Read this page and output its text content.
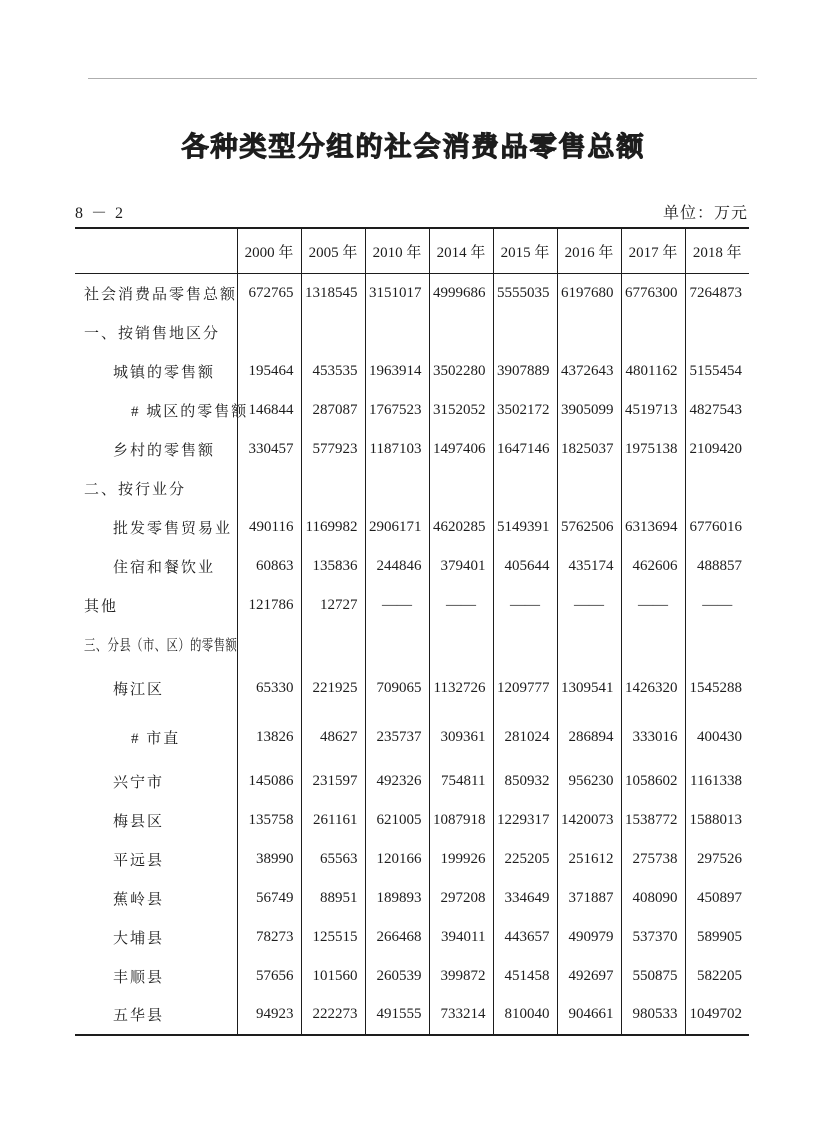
各种类型分组的社会消费品零售总额
8 － 2	单位：万元
	2000 年	2005 年	2010 年	2014 年	2015 年	2016 年	2017 年	2018 年
社会消费品零售总额	672765	1318545	3151017	4999686	5555035	6197680	6776300	7264873
一、按销售地区分								
城镇的零售额	195464	453535	1963914	3502280	3907889	4372643	4801162	5155454
# 城区的零售额	146844	287087	1767523	3152052	3502172	3905099	4519713	4827543
乡村的零售额	330457	577923	1187103	1497406	1647146	1825037	1975138	2109420
二、按行业分								
批发零售贸易业	490116	1169982	2906171	4620285	5149391	5762506	6313694	6776016
住宿和餐饮业	60863	135836	244846	379401	405644	435174	462606	488857
其他	121786	12727	——	——	——	——	——	——
三、分县（市、区）的零售额								
梅江区	65330	221925	709065	1132726	1209777	1309541	1426320	1545288
# 市直	13826	48627	235737	309361	281024	286894	333016	400430
兴宁市	145086	231597	492326	754811	850932	956230	1058602	1161338
梅县区	135758	261161	621005	1087918	1229317	1420073	1538772	1588013
平远县	38990	65563	120166	199926	225205	251612	275738	297526
蕉岭县	56749	88951	189893	297208	334649	371887	408090	450897
大埔县	78273	125515	266468	394011	443657	490979	537370	589905
丰顺县	57656	101560	260539	399872	451458	492697	550875	582205
五华县	94923	222273	491555	733214	810040	904661	980533	1049702
